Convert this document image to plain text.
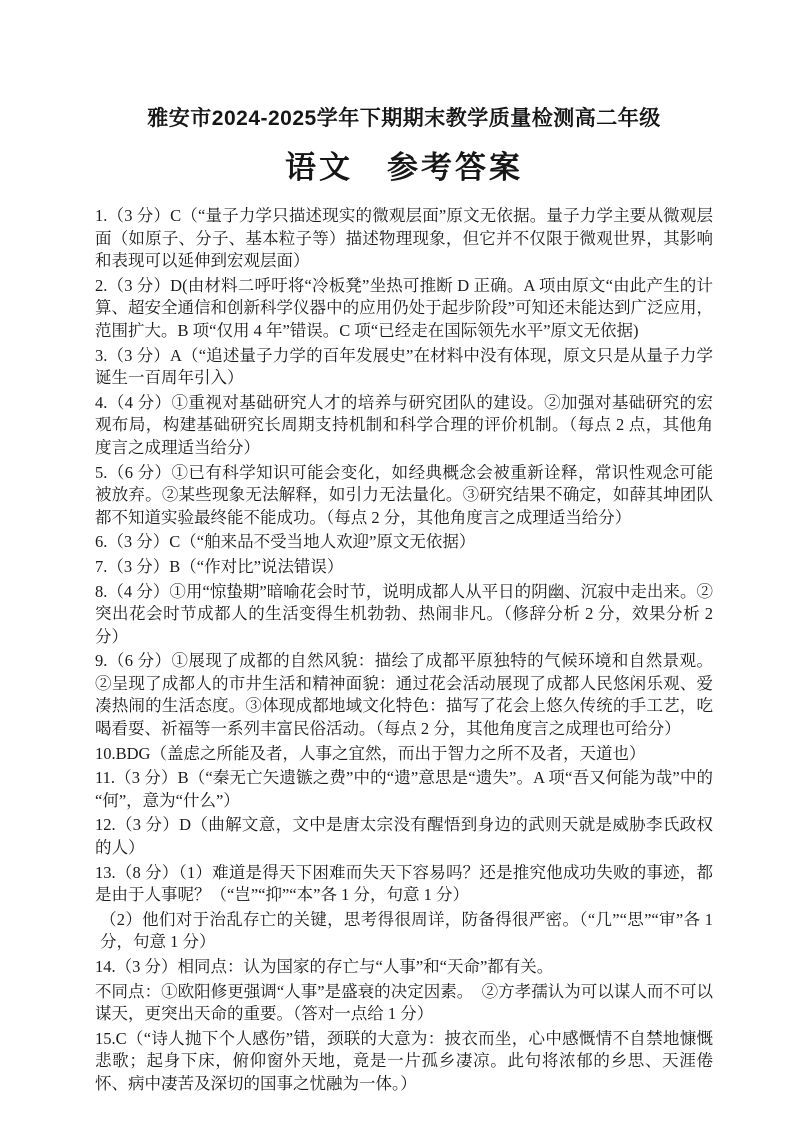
雅安市2024-2025学年下期期末教学质量检测高二年级
语文　参考答案

1.（3 分）C（“量子力学只描述现实的微观层面”原文无依据。量子力学主要从微观层面（如原子、分子、基本粒子等）描述物理现象，但它并不仅限于微观世界，其影响和表现可以延伸到宏观层面）

2.（3 分）D(由材料二呼吁将“冷板凳”坐热可推断 D 正确。A 项由原文“由此产生的计算、超安全通信和创新科学仪器中的应用仍处于起步阶段”可知还未能达到广泛应用，范围扩大。B 项“仅用 4 年”错误。C 项“已经走在国际领先水平”原文无依据)

3.（3 分）A（“追述量子力学的百年发展史”在材料中没有体现，原文只是从量子力学诞生一百周年引入）

4.（4 分）①重视对基础研究人才的培养与研究团队的建设。②加强对基础研究的宏观布局，构建基础研究长周期支持机制和科学合理的评价机制。（每点 2 点，其他角度言之成理适当给分）

5.（6 分）①已有科学知识可能会变化，如经典概念会被重新诠释，常识性观念可能被放弃。②某些现象无法解释，如引力无法量化。③研究结果不确定，如薛其坤团队都不知道实验最终能不能成功。（每点 2 分，其他角度言之成理适当给分）

6.（3 分）C（“舶来品不受当地人欢迎”原文无依据）

7.（3 分）B（“作对比”说法错误）

8.（4 分）①用“惊蛰期”暗喻花会时节，说明成都人从平日的阴幽、沉寂中走出来。②突出花会时节成都人的生活变得生机勃勃、热闹非凡。（修辞分析 2 分，效果分析 2 分）

9.（6 分）①展现了成都的自然风貌：描绘了成都平原独特的气候环境和自然景观。②呈现了成都人的市井生活和精神面貌：通过花会活动展现了成都人民悠闲乐观、爱凑热闹的生活态度。③体现成都地域文化特色：描写了花会上悠久传统的手工艺，吃喝看耍、祈福等一系列丰富民俗活动。（每点 2 分，其他角度言之成理也可给分）

10.BDG（盖虑之所能及者，人事之宜然，而出于智力之所不及者，天道也）

11.（3 分）B（“秦无亡矢遗镞之费”中的“遗”意思是“遗失”。A 项“吾又何能为哉”中的“何”，意为“什么”）

12.（3 分）D（曲解文意，文中是唐太宗没有醒悟到身边的武则天就是威胁李氏政权的人）

13.（8 分）（1）难道是得天下困难而失天下容易吗？还是推究他成功失败的事迹，都是由于人事呢？（“岂”“抑”“本”各 1 分，句意 1 分）

（2）他们对于治乱存亡的关键，思考得很周详，防备得很严密。（“几”“思”“审”各 1 分，句意 1 分）

14.（3 分）相同点：认为国家的存亡与“人事”和“天命”都有关。

不同点：①欧阳修更强调“人事”是盛衰的决定因素。　②方孝孺认为可以谋人而不可以谋天，更突出天命的重要。（答对一点给 1 分）

15.C（“诗人抛下个人感伤”错，颈联的大意为：披衣而坐，心中感慨情不自禁地慷慨悲歌；起身下床，俯仰窗外天地，竟是一片孤乡凄凉。此句将浓郁的乡思、天涯倦怀、病中凄苦及深切的国事之忧融为一体。）
